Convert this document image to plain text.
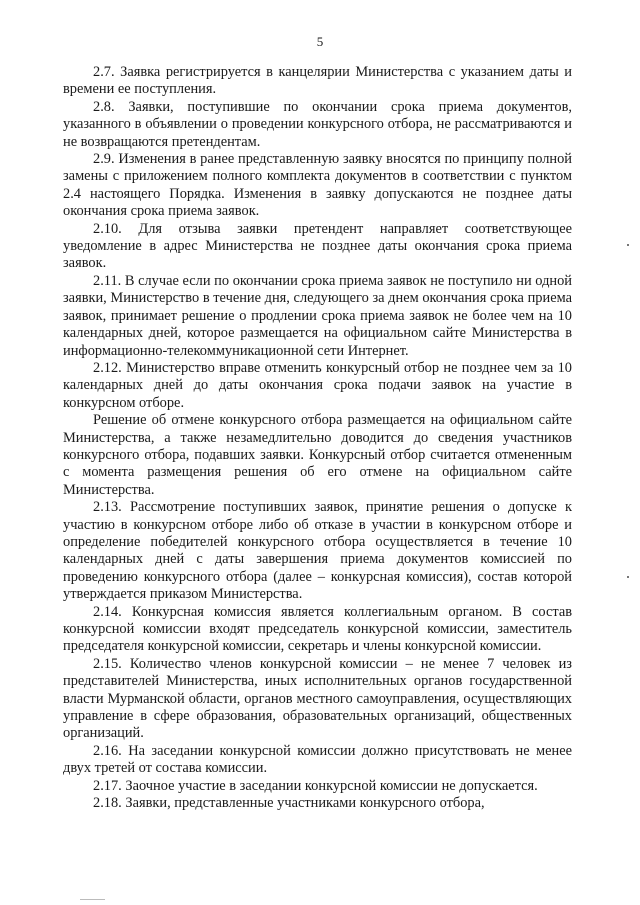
5

2.7. Заявка регистрируется в канцелярии Министерства с указанием даты и времени ее поступления.

2.8. Заявки, поступившие по окончании срока приема документов, указанного в объявлении о проведении конкурсного отбора, не рассматриваются и не возвращаются претендентам.

2.9. Изменения в ранее представленную заявку вносятся по принципу полной замены с приложением полного комплекта документов в соответствии с пунктом 2.4 настоящего Порядка. Изменения в заявку допускаются не позднее даты окончания срока приема заявок.

2.10. Для отзыва заявки претендент направляет соответствующее уведомление в адрес Министерства не позднее даты окончания срока приема заявок.

2.11. В случае если по окончании срока приема заявок не поступило ни одной заявки, Министерство в течение дня, следующего за днем окончания срока приема заявок, принимает решение о продлении срока приема заявок не более чем на 10 календарных дней, которое размещается на официальном сайте Министерства в информационно-телекоммуникационной сети Интернет.

2.12. Министерство вправе отменить конкурсный отбор не позднее чем за 10 календарных дней до даты окончания срока подачи заявок на участие в конкурсном отборе.

Решение об отмене конкурсного отбора размещается на официальном сайте Министерства, а также незамедлительно доводится до сведения участников конкурсного отбора, подавших заявки. Конкурсный отбор считается отмененным с момента размещения решения об его отмене на официальном сайте Министерства.

2.13. Рассмотрение поступивших заявок, принятие решения о допуске к участию в конкурсном отборе либо об отказе в участии в конкурсном отборе и определение победителей конкурсного отбора осуществляется в течение 10 календарных дней с даты завершения приема документов комиссией по проведению конкурсного отбора (далее – конкурсная комиссия), состав которой утверждается приказом Министерства.

2.14. Конкурсная комиссия является коллегиальным органом. В состав конкурсной комиссии входят председатель конкурсной комиссии, заместитель председателя конкурсной комиссии, секретарь и члены конкурсной комиссии.

2.15. Количество членов конкурсной комиссии – не менее 7 человек из представителей Министерства, иных исполнительных органов государственной власти Мурманской области, органов местного самоуправления, осуществляющих управление в сфере образования, образовательных организаций, общественных организаций.

2.16. На заседании конкурсной комиссии должно присутствовать не менее двух третей от состава комиссии.

2.17. Заочное участие в заседании конкурсной комиссии не допускается.

2.18. Заявки, представленные участниками конкурсного отбора,
